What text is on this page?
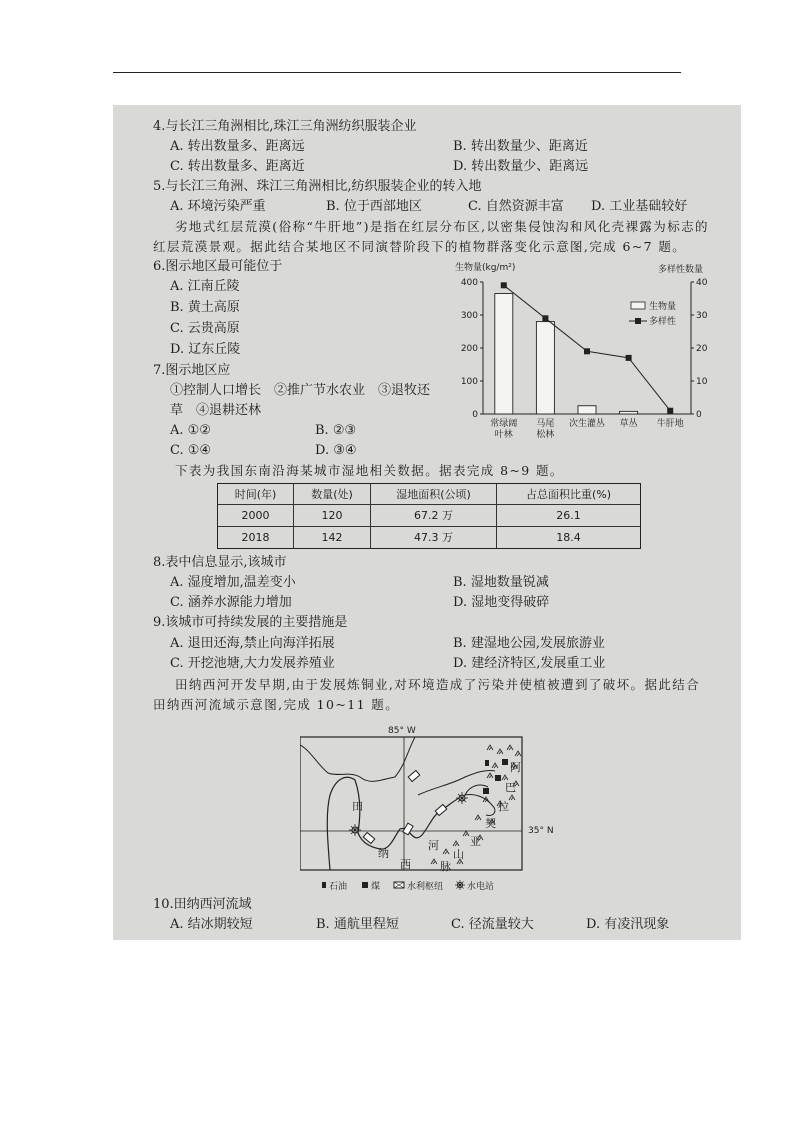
4.与长江三角洲相比,珠江三角洲纺织服装企业
A. 转出数量多、距离远	B. 转出数量少、距离近
C. 转出数量多、距离近	D. 转出数量少、距离远
5.与长江三角洲、珠江三角洲相比,纺织服装企业的转入地
A. 环境污染严重	B. 位于西部地区	C. 自然资源丰富 D. 工业基础较好
劣地式红层荒漠(俗称“牛肝地”)是指在红层分布区,以密集侵蚀沟和风化壳裸露为标志的
红层荒漠景观。据此结合某地区不同演替阶段下的植物群落变化示意图,完成 6~7 题。
6.图示地区最可能位于
A. 江南丘陵
B. 黄土高原
C. 云贵高原
D. 辽东丘陵
7.图示地区应
①控制人口增长　②推广节水农业　③退牧还
草　④退耕还林
A. ①②	B. ②③
C. ①④	D. ③④
生物量(kg/m²)	多样性数量
0
100
200
300
400
0
10
20
30
40
常绿阔
叶林
马尾
松林
次生灌丛 草丛 牛肝地
生物量
多样性
下表为我国东南沿海某城市湿地相关数据。据表完成 8~9 题。
时间(年)	数量(处)	湿地面积(公顷)	占总面积比重(%)
2000	120	67.2 万	26.1
2018	142	47.3 万	18.4
8.表中信息显示,该城市
A. 湿度增加,温差变小	B. 湿地数量锐减
C. 涵养水源能力增加	D. 湿地变得破碎
9.该城市可持续发展的主要措施是
A. 退田还海,禁止向海洋拓展	B. 建湿地公园,发展旅游业
C. 开挖池塘,大力发展养殖业	D. 建经济特区,发展重工业
田纳西河开发早期,由于发展炼铜业,对环境造成了污染并使植被遭到了破坏。据此结合
田纳西河流域示意图,完成 10~11 题。
85° W
35° N
田
纳
西
河
阿
巴
拉
契
亚
山
脉
石油	煤	水利枢纽	水电站
10.田纳西河流域
A. 结冰期较短	B. 通航里程短	C. 径流量较大	D. 有凌汛现象
